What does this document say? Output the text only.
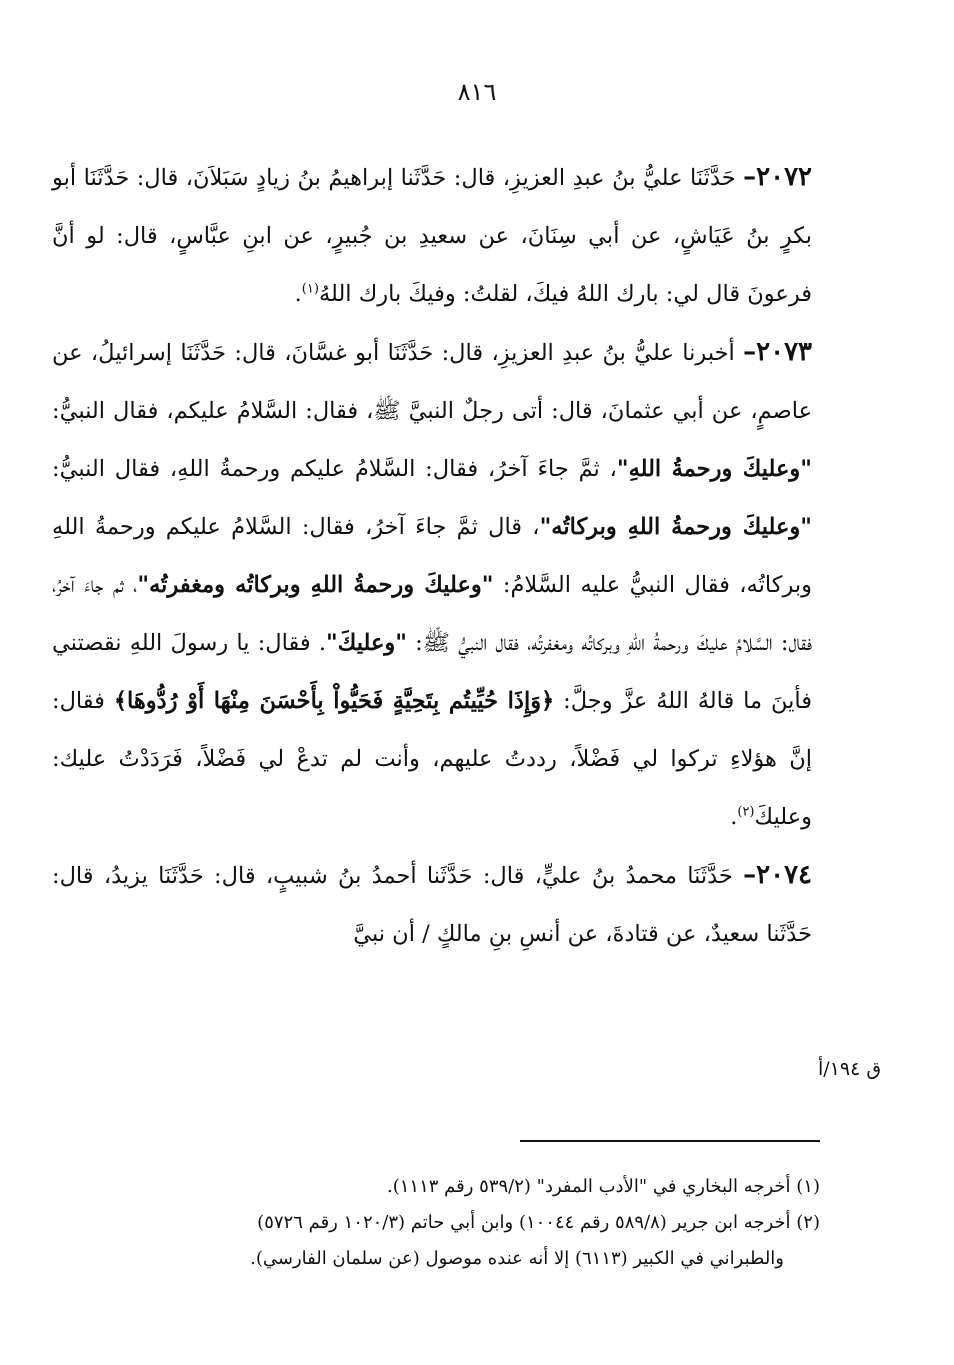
٨١٦

٢٠٧٢– حَدَّثَنَا عليُّ بنُ عبدِ العزيزِ، قال: حَدَّثَنا إبراهيمُ بنُ زيادٍ سَبَلاَنَ، قال: حَدَّثَنَا أبو بكرٍ بنُ عَيَاشٍ، عن أبي سِنَانَ، عن سعيدِ بن جُبيرٍ، عن ابنِ عبَّاسٍ، قال: لو أنَّ فرعونَ قال لي: بارك اللهُ فيكَ، لقلتُ: وفيكَ بارك اللهُ$^{(١)}$.

٢٠٧٣– أخبرنا عليُّ بنُ عبدِ العزيزِ، قال: حَدَّثَنَا أبو غسَّانَ، قال: حَدَّثَنَا إسرائيلُ، عن عاصمٍ، عن أبي عثمانَ، قال: أتى رجلٌ النبيَّ ﷺ، فقال: السَّلامُ عليكم، فقال النبيُّ: "وعليكَ ورحمةُ اللهِ"، ثمَّ جاءَ آخرُ، فقال: السَّلامُ عليكم ورحمةُ اللهِ، فقال النبيُّ: "وعليكَ ورحمةُ اللهِ وبركاتُه"، قال ثمَّ جاءَ آخرُ، فقال: السَّلامُ عليكم ورحمةُ اللهِ وبركاتُه، فقال النبيُّ عليه السَّلامُ: "وعليكَ ورحمةُ اللهِ وبركاتُه ومغفرتُه"، ثم جاءَ آخرُ، فقال: السَّلامُ عليكَ ورحمةُ اللهِ وبركاتُه ومغفرتُه، فقال النبيُّ ﷺ: "وعليكَ". فقال: يا رسولَ اللهِ نقصتني فأينَ ما قالهُ اللهُ عزَّ وجلَّ: ﴿وَإِذَا حُيِّيتُم بِتَحِيَّةٍ فَحَيُّواْ بِأَحْسَنَ مِنْهَا أَوْ رُدُّوهَا﴾ فقال: إنَّ هؤلاءِ تركوا لي فَضْلاً، رددتُ عليهم، وأنت لم تدعْ لي فَضْلاً، فَرَدَدْتُ عليك: وعليكَ$^{(٢)}$.

٢٠٧٤– حَدَّثَنَا محمدُ بنُ عليٍّ، قال: حَدَّثَنا أحمدُ بنُ شبيبٍ، قال: حَدَّثَنَا يزيدُ، قال: حَدَّثَنا سعيدٌ، عن قتادةَ، عن أنسِ بنِ مالكٍ / أن نبيَّ

ق ١٩٤/أ

(١) أخرجه البخاري في "الأدب المفرد" (٥٣٩/٢ رقم ١١١٣).

(٢) أخرجه ابن جرير (٥٨٩/٨ رقم ١٠٠٤٤) وابن أبي حاتم (١٠٢٠/٣ رقم ٥٧٢٦)

والطبراني في الكبير (٦١١٣) إلا أنه عنده موصول (عن سلمان الفارسي).
